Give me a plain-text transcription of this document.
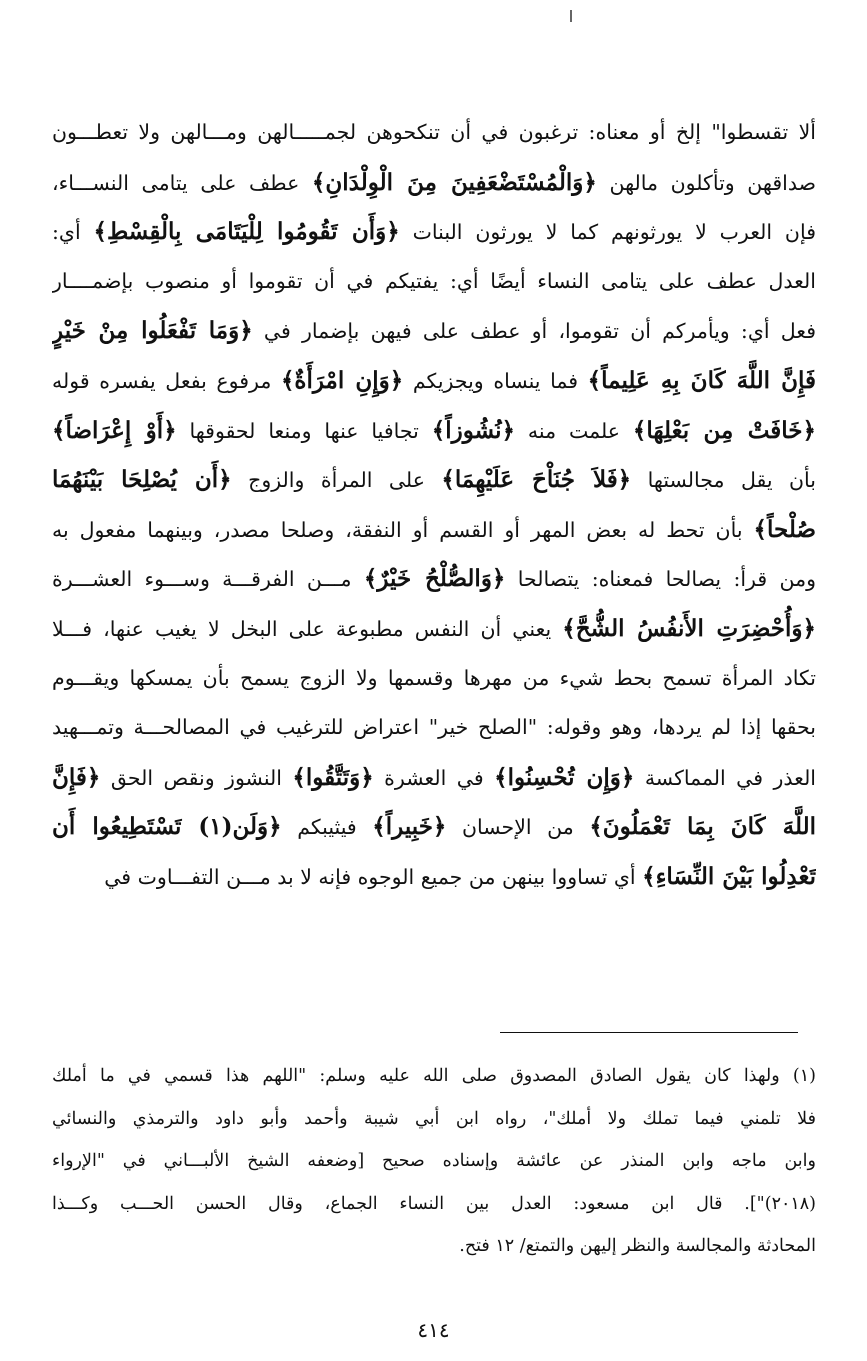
ألا تقسطوا" إلخ أو معناه: ترغبون في أن تنكحوهن لجمـــــالهن ومـــالهن ولا تعطـــون
صداقهن وتأكلون مالهن ﴿وَالْمُسْتَضْعَفِينَ مِنَ الْوِلْدَانِ﴾ عطف على يتامى النســـاء،
فإن العرب لا يورثونهم كما لا يورثون البنات ﴿وَأَن تَقُومُوا لِلْيَتَامَى بِالْقِسْطِ﴾ أي:
العدل عطف على يتامى النساء أيضًا أي: يفتيكم في أن تقوموا أو منصوب بإضمــــار
فعل أي: ويأمركم أن تقوموا، أو عطف على فيهن بإضمار في ﴿وَمَا تَفْعَلُوا مِنْ خَيْرٍ
فَإِنَّ اللَّهَ كَانَ بِهِ عَلِيماً﴾ فما ينساه ويجزيكم ﴿وَإِنِ امْرَأَةٌ﴾ مرفوع بفعل يفسره قوله
﴿خَافَتْ مِن بَعْلِهَا﴾ علمت منه ﴿نُشُوزاً﴾ تجافيا عنها ومنعا لحقوقها ﴿أَوْ إِعْرَاضاً﴾
بأن يقل مجالستها ﴿فَلاَ جُنَاْحَ عَلَيْهِمَا﴾ على المرأة والزوج ﴿أَن يُصْلِحَا بَيْنَهُمَا
صُلْحاً﴾ بأن تحط له بعض المهر أو القسم أو النفقة، وصلحا مصدر، وبينهما مفعول به
ومن قرأ: يصالحا فمعناه: يتصالحا ﴿وَالصُّلْحُ خَيْرٌ﴾ مـــن الفرقـــة وســـوء العشـــرة
﴿وَأُحْضِرَتِ الأَنفُسُ الشُّحَّ﴾ يعني أن النفس مطبوعة على البخل لا يغيب عنها، فـــلا
تكاد المرأة تسمح بحط شيء من مهرها وقسمها ولا الزوج يسمح بأن يمسكها ويقـــوم
بحقها إذا لم يردها، وهو وقوله: "الصلح خير" اعتراض للترغيب في المصالحـــة وتمـــهيد
العذر في المماكسة ﴿وَإِن تُحْسِنُوا﴾ في العشرة ﴿وَتَتَّقُوا﴾ النشوز ونقص الحق ﴿فَإِنَّ
اللَّهَ كَانَ بِمَا تَعْمَلُونَ﴾ من الإحسان ﴿خَبِيراً﴾ فيثيبكم ﴿وَلَن(١) تَسْتَطِيعُوا أَن
تَعْدِلُوا بَيْنَ النِّسَاءِ﴾ أي تساووا بينهن من جميع الوجوه فإنه لا بد مـــن التفـــاوت في
(١) ولهذا كان يقول الصادق المصدوق صلى الله عليه وسلم: "اللهم هذا قسمي في ما أملك
فلا تلمني فيما تملك ولا أملك"، رواه ابن أبي شيبة وأحمد وأبو داود والترمذي والنسائي
وابن ماجه وابن المنذر عن عائشة وإسناده صحيح [وضعفه الشيخ الألبـــاني في "الإرواء
(٢٠١٨)"]. قال ابن مسعود: العدل بين النساء الجماع، وقال الحسن الحـــب وكـــذا
المحادثة والمجالسة والنظر إليهن والتمتع/ ١٢ فتح.
٤١٤
